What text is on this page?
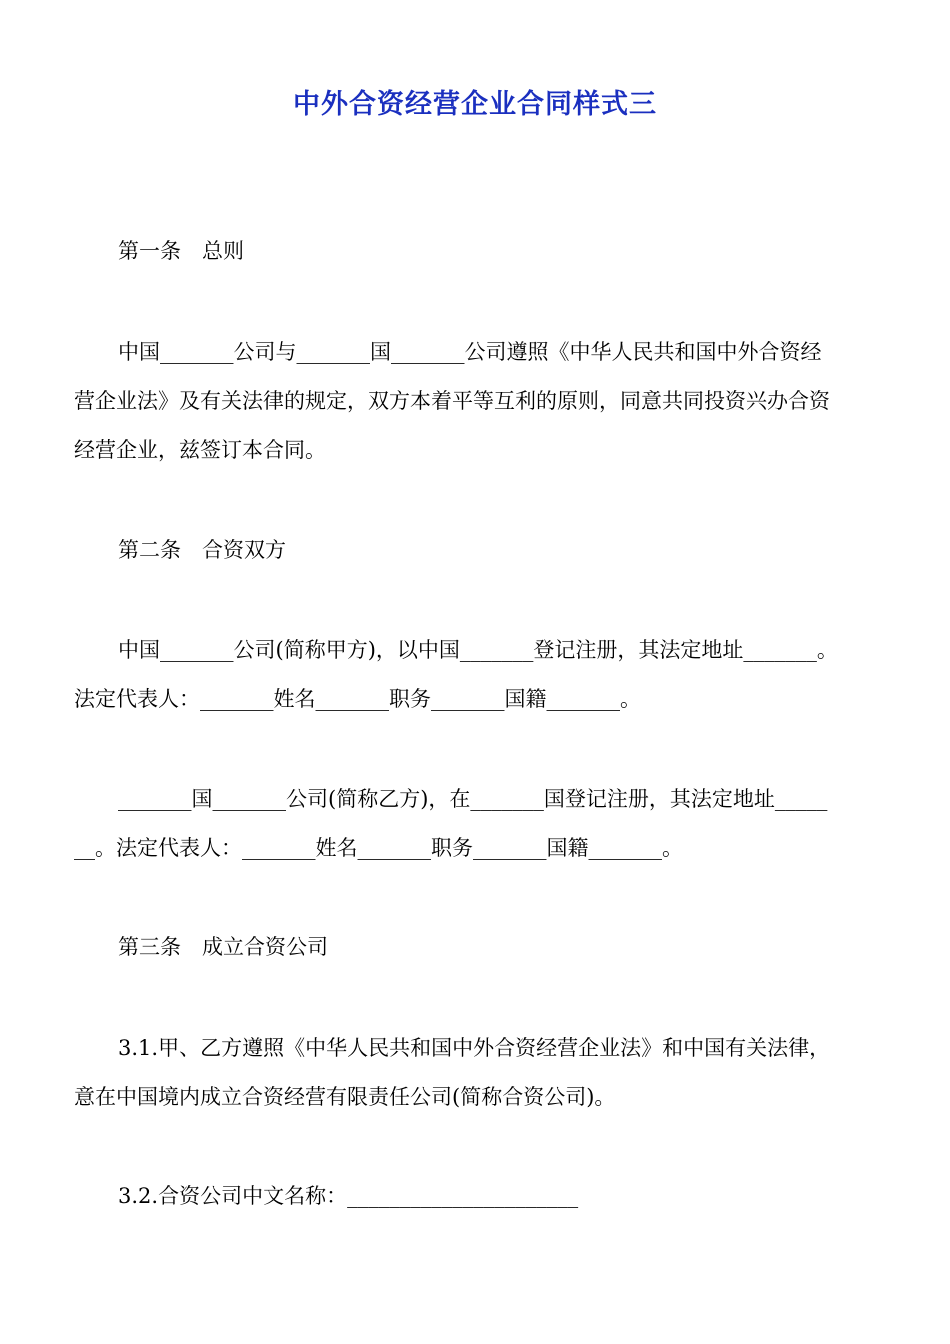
中外合资经营企业合同样式三
第一条　总则
中国_______公司与_______国_______公司遵照《中华人民共和国中外合资经
营企业法》及有关法律的规定，双方本着平等互利的原则，同意共同投资兴办合资
经营企业，兹签订本合同。
第二条　合资双方
中国_______公司(简称甲方)，以中国_______登记注册，其法定地址_______。
法定代表人：_______姓名_______职务_______国籍_______。
_______国_______公司(简称乙方)，在_______国登记注册，其法定地址_____
__。法定代表人：_______姓名_______职务_______国籍_______。
第三条　成立合资公司
3.1.甲、乙方遵照《中华人民共和国中外合资经营企业法》和中国有关法律，
意在中国境内成立合资经营有限责任公司(简称合资公司)。
3.2.合资公司中文名称：______________________
